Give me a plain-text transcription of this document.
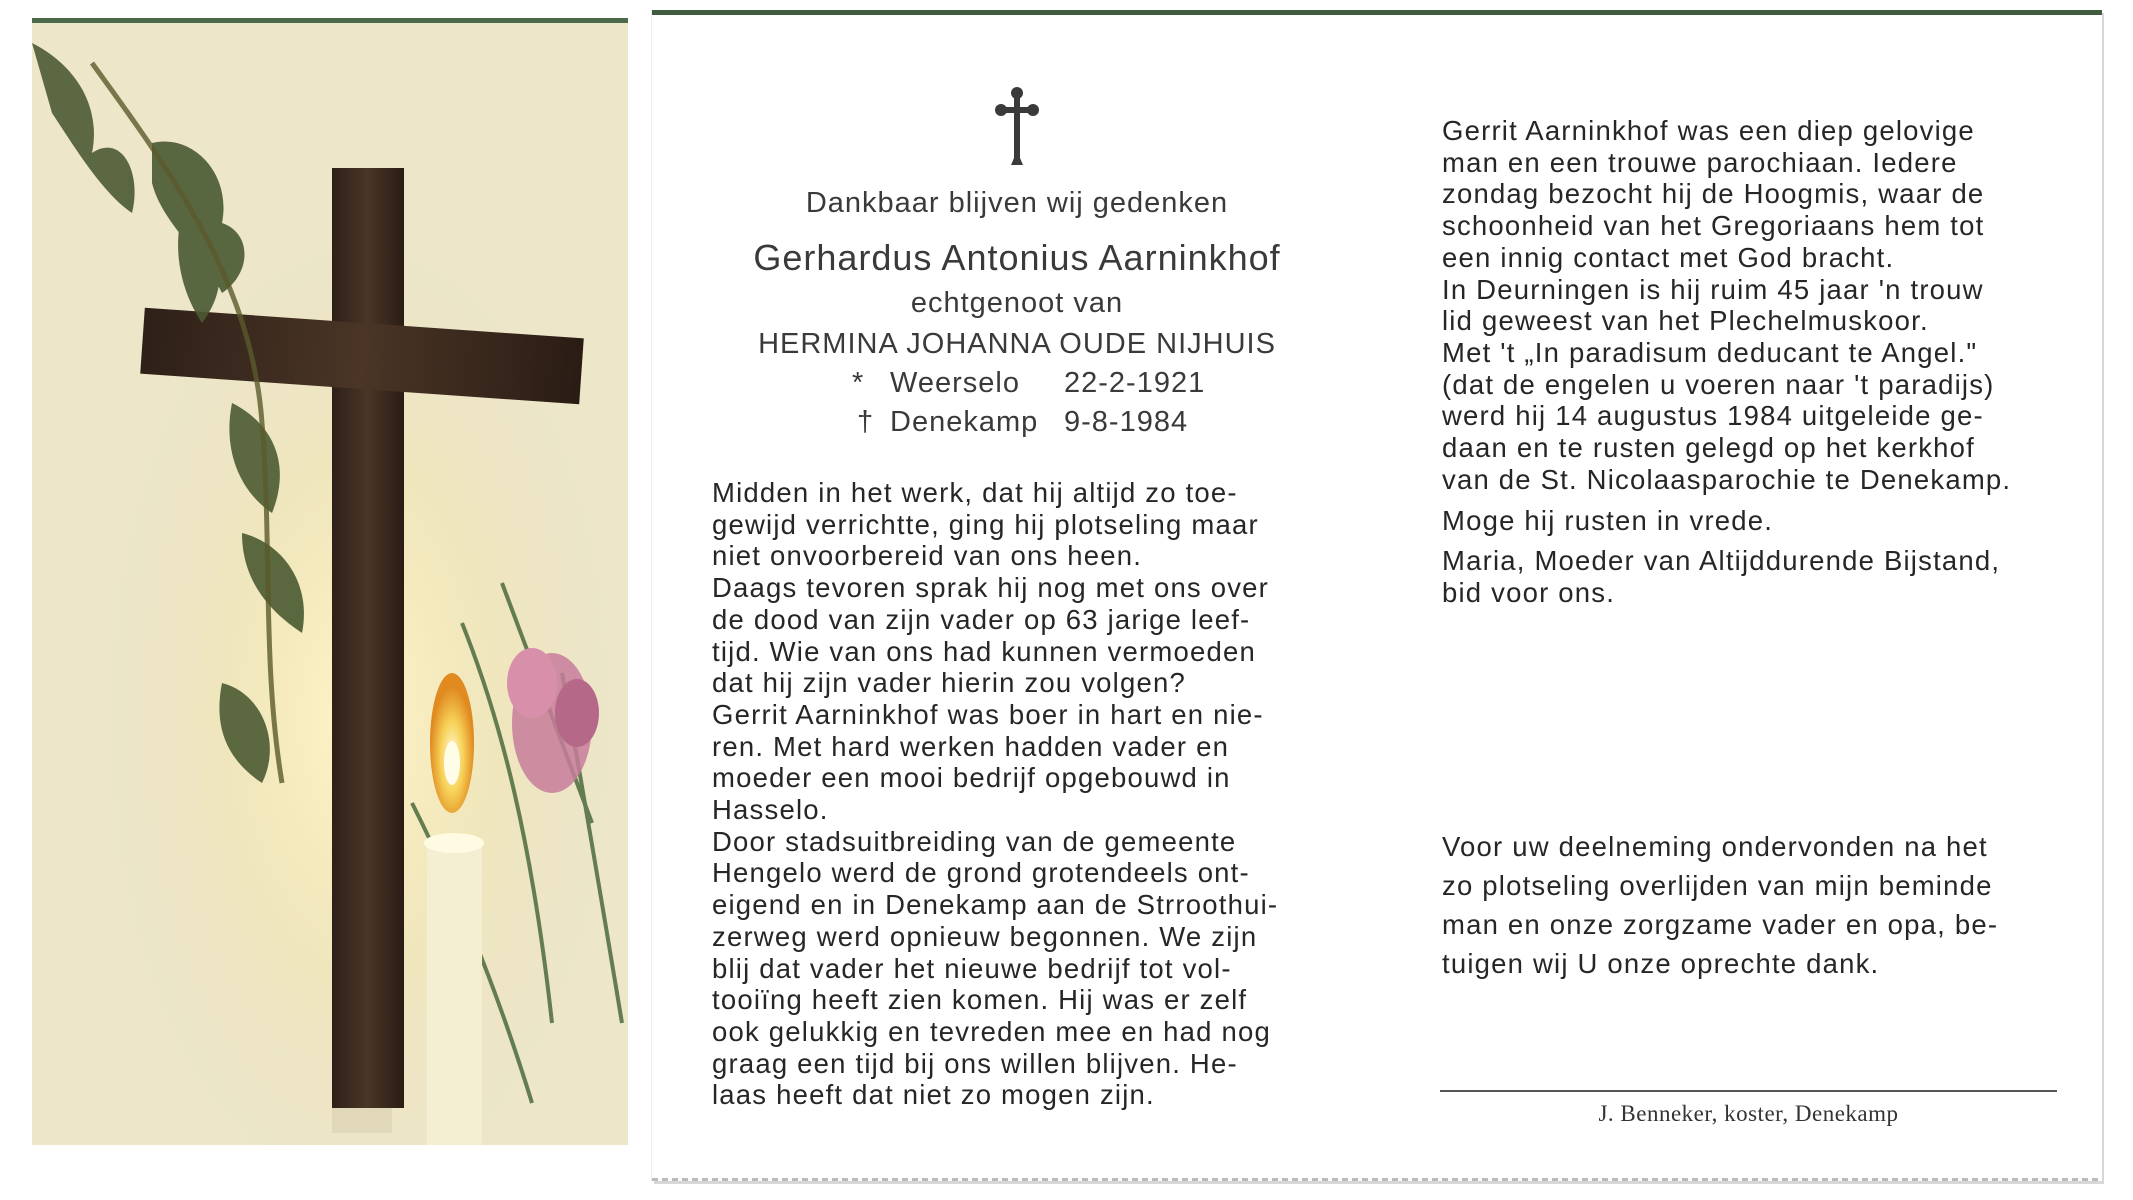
Dankbaar blijven wij gedenken
Gerhardus Antonius Aarninkhof
echtgenoot van
HERMINA JOHANNA OUDE NIJHUIS
* Weerselo 22-2-1921
† Denekamp 9-8-1984
Midden in het werk, dat hij altijd zo toe-
gewijd verrichtte, ging hij plotseling maar
niet onvoorbereid van ons heen.
Daags tevoren sprak hij nog met ons over
de dood van zijn vader op 63 jarige leef-
tijd. Wie van ons had kunnen vermoeden
dat hij zijn vader hierin zou volgen?
Gerrit Aarninkhof was boer in hart en nie-
ren. Met hard werken hadden vader en
moeder een mooi bedrijf opgebouwd in
Hasselo.
Door stadsuitbreiding van de gemeente
Hengelo werd de grond grotendeels ont-
eigend en in Denekamp aan de Strroothui-
zerweg werd opnieuw begonnen. We zijn
blij dat vader het nieuwe bedrijf tot vol-
tooiïng heeft zien komen. Hij was er zelf
ook gelukkig en tevreden mee en had nog
graag een tijd bij ons willen blijven. He-
laas heeft dat niet zo mogen zijn.
Gerrit Aarninkhof was een diep gelovige
man en een trouwe parochiaan. Iedere
zondag bezocht hij de Hoogmis, waar de
schoonheid van het Gregoriaans hem tot
een innig contact met God bracht.
In Deurningen is hij ruim 45 jaar 'n trouw
lid geweest van het Plechelmuskoor.
Met 't „In paradisum deducant te Angel."
(dat de engelen u voeren naar 't paradijs)
werd hij 14 augustus 1984 uitgeleide ge-
daan en te rusten gelegd op het kerkhof
van de St. Nicolaasparochie te Denekamp.
Moge hij rusten in vrede.
Maria, Moeder van Altijddurende Bijstand,
bid voor ons.
Voor uw deelneming ondervonden na het
zo plotseling overlijden van mijn beminde
man en onze zorgzame vader en opa, be-
tuigen wij U onze oprechte dank.
J. Benneker, koster, Denekamp
